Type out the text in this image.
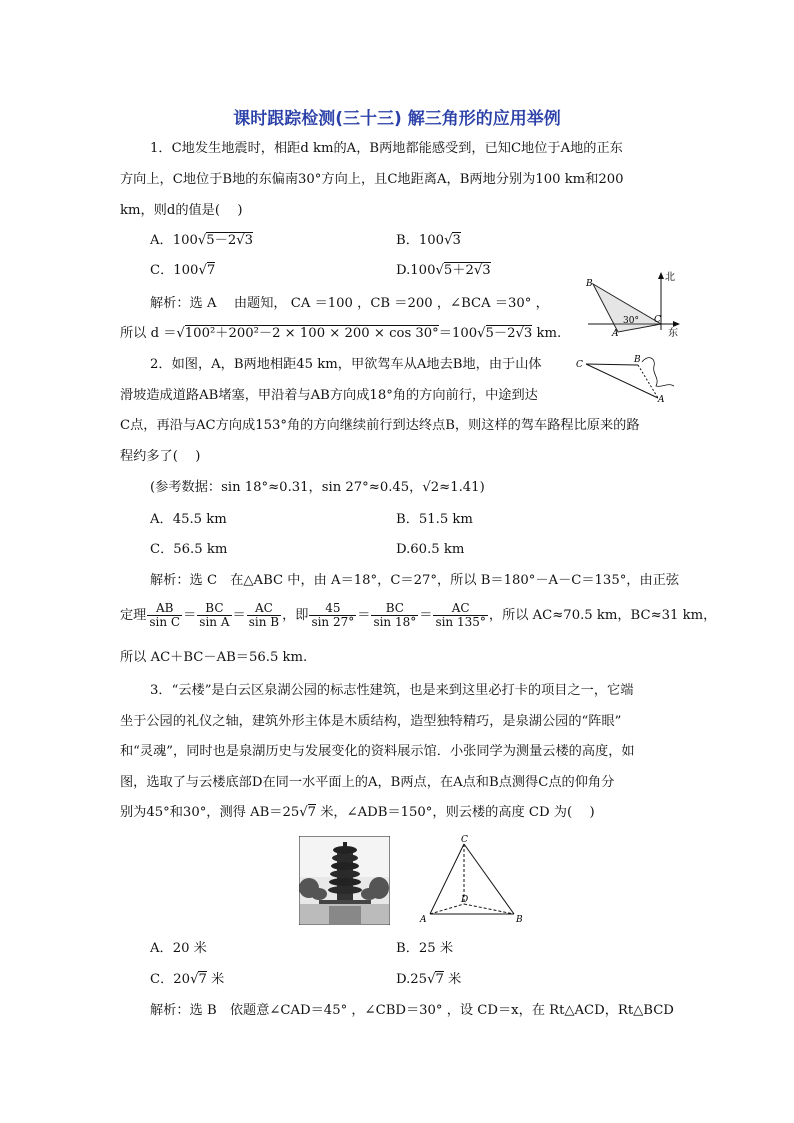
课时跟踪检测(三十三) 解三角形的应用举例
1．C地发生地震时，相距d km的A，B两地都能感受到，已知C地位于A地的正东
方向上，C地位于B地的东偏南30°方向上，且C地距离A，B两地分别为100 km和200
km，则d的值是(　 )
A．100√5－2√3	B．100√3
C．100√7	D.100√5＋2√3
解析：选 A　 由题知， CA ＝100 ，CB ＝200 ，∠BCA ＝30° ，
所以 d ＝√100²＋200²－2 × 100 × 200 × cos 30°＝100√5－2√3 km.
北
东
30°
B
A
C
2．如图，A，B两地相距45 km，甲欲驾车从A地去B地，由于山体
滑坡造成道路AB堵塞，甲沿着与AB方向成18°角的方向前行，中途到达
C点，再沿与AC方向成153°角的方向继续前行到达终点B，则这样的驾车路程比原来的路
程约多了(　 )
(参考数据：sin 18°≈0.31，sin 27°≈0.45，√2≈1.41)
C	B
A
A．45.5 km	B．51.5 km
C．56.5 km	D.60.5 km
解析：选 C　在△ABC 中，由 A＝18°，C＝27°，所以 B＝180°－A－C＝135°，由正弦
定理 $\frac{AB}{\text{sin C}} = \frac{BC}{\text{sin A}} = \frac{AC}{\text{sin B}}$ ，即 $\frac{45}{\sin 27^\circ} = \frac{BC}{\sin 18^\circ} = \frac{AC}{\sin 135^\circ}$ ，所以 AC≈70.5 km，BC≈31 km，
所以 AC＋BC－AB＝56.5 km.
3．“云楼”是白云区泉湖公园的标志性建筑，也是来到这里必打卡的项目之一，它端
坐于公园的礼仪之轴，建筑外形主体是木质结构，造型独特精巧，是泉湖公园的“阵眼”
和“灵魂”，同时也是泉湖历史与发展变化的资料展示馆．小张同学为测量云楼的高度，如
图，选取了与云楼底部D在同一水平面上的A，B两点，在A点和B点测得C点的仰角分
别为45°和30°，测得 AB＝25√7 米，∠ADB＝150°，则云楼的高度 CD 为(　 )
C
A	B
D
A．20 米	B．25 米
C．20√7 米	D.25√7 米
解析：选 B　依题意∠CAD＝45° ，∠CBD＝30° ，设 CD＝x，在 Rt△ACD，Rt△BCD
